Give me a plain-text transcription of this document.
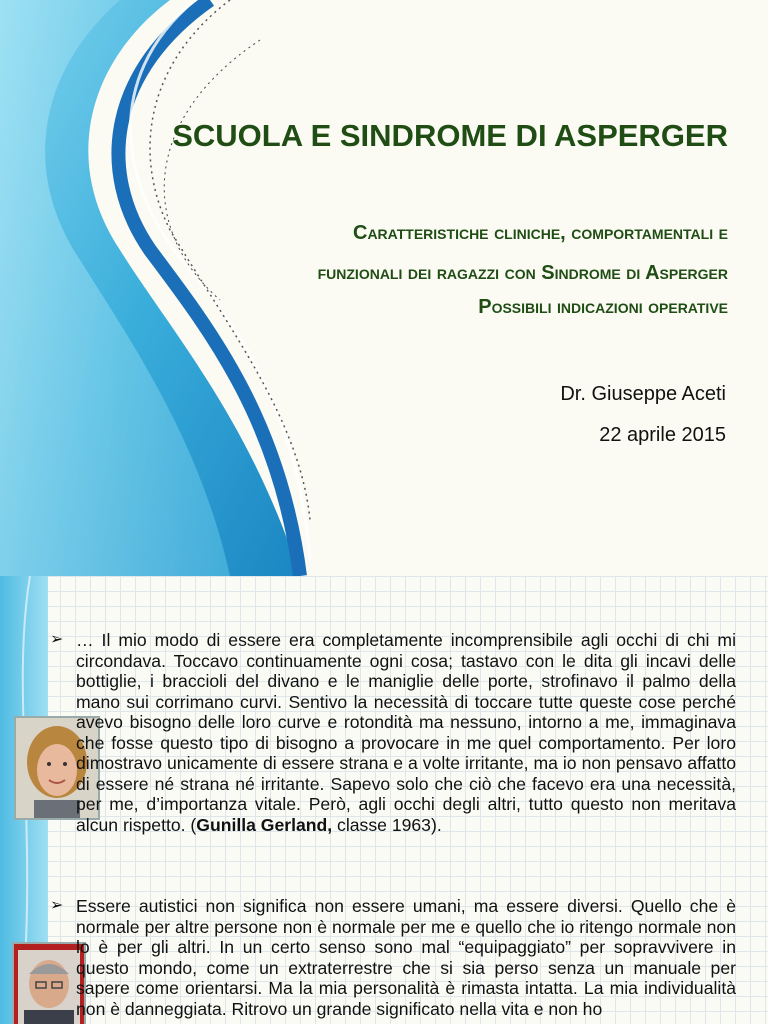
SCUOLA E SINDROME DI ASPERGER
Caratteristiche cliniche, comportamentali e
funzionali dei ragazzi con Sindrome di Asperger
Possibili indicazioni operative
Dr. Giuseppe Aceti
22 aprile 2015
➢ … Il mio modo di essere era completamente incomprensibile agli occhi di chi mi circondava. Toccavo continuamente ogni cosa; tastavo con le dita gli incavi delle bottiglie, i braccioli del divano e le maniglie delle porte, strofinavo il palmo della mano sui corrimano curvi. Sentivo la necessità di toccare tutte queste cose perché avevo bisogno delle loro curve e rotondità ma nessuno, intorno a me, immaginava che fosse questo tipo di bisogno a provocare in me quel comportamento. Per loro dimostravo unicamente di essere strana e a volte irritante, ma io non pensavo affatto di essere né strana né irritante. Sapevo solo che ciò che facevo era una necessità, per me, d’importanza vitale. Però, agli occhi degli altri, tutto questo non meritava alcun rispetto. (Gunilla Gerland, classe 1963).
➢ Essere autistici non significa non essere umani, ma essere diversi. Quello che è normale per altre persone non è normale per me e quello che io ritengo normale non lo è per gli altri. In un certo senso sono mal “equipaggiato” per sopravvivere in questo mondo, come un extraterrestre che si sia perso senza un manuale per sapere come orientarsi. Ma la mia personalità è rimasta intatta. La mia individualità non è danneggiata. Ritrovo un grande significato nella vita e non ho
